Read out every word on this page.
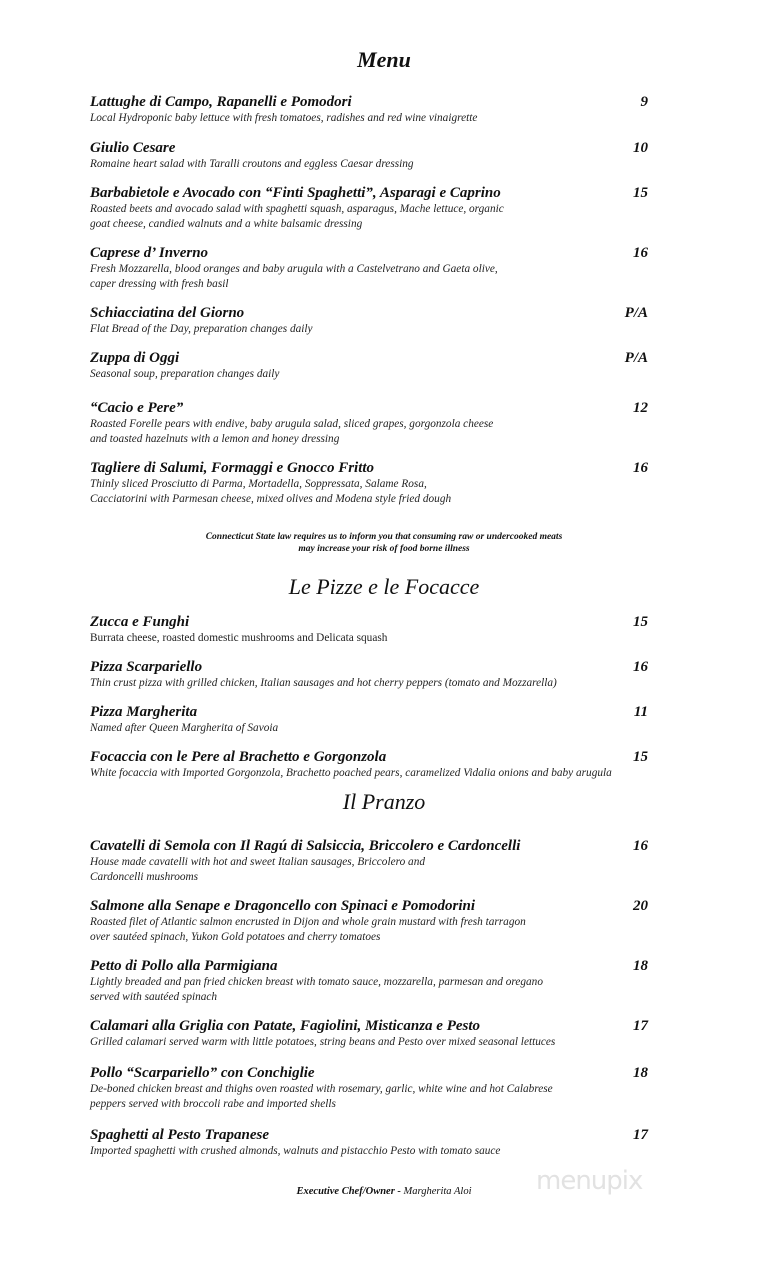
Menu
Le Pizze e le Focacce
Il Pranzo
Connecticut State law requires us to inform you that consuming raw or undercooked meats
may increase your risk of food borne illness
Executive Chef/Owner - Margherita Aloi	menupix
Lattughe di Campo, Rapanelli e Pomodori	9
Local Hydroponic baby lettuce with fresh tomatoes, radishes and red wine vinaigrette
Giulio Cesare	10
Romaine heart salad with Taralli croutons and eggless Caesar dressing
Barbabietole e Avocado con “Finti Spaghetti”, Asparagi e Caprino	15
Roasted beets and avocado salad with spaghetti squash, asparagus, Mache lettuce, organic
goat cheese, candied walnuts and a white balsamic dressing
Caprese d’ Inverno	16
Fresh Mozzarella, blood oranges and baby arugula with a Castelvetrano and Gaeta olive,
caper dressing with fresh basil
Schiacciatina del Giorno	P/A
Flat Bread of the Day, preparation changes daily
Zuppa di Oggi	P/A
Seasonal soup, preparation changes daily
“Cacio e Pere”	12
Roasted Forelle pears with endive, baby arugula salad, sliced grapes, gorgonzola cheese
and toasted hazelnuts with a lemon and honey dressing
Tagliere di Salumi, Formaggi e Gnocco Fritto	16
Thinly sliced Prosciutto di Parma, Mortadella, Soppressata, Salame Rosa,
Cacciatorini with Parmesan cheese, mixed olives and Modena style fried dough
Zucca e Funghi	15
Burrata cheese, roasted domestic mushrooms and Delicata squash
Pizza Scarpariello	16
Thin crust pizza with grilled chicken, Italian sausages and hot cherry peppers (tomato and Mozzarella)
Pizza Margherita	11
Named after Queen Margherita of Savoia
Focaccia con le Pere al Brachetto e Gorgonzola	15
White focaccia with Imported Gorgonzola, Brachetto poached pears, caramelized Vidalia onions and baby arugula
Cavatelli di Semola con Il Ragú di Salsiccia, Briccolero e Cardoncelli	16
House made cavatelli with hot and sweet Italian sausages, Briccolero and
Cardoncelli mushrooms
Salmone alla Senape e Dragoncello con Spinaci e Pomodorini	20
Roasted filet of Atlantic salmon encrusted in Dijon and whole grain mustard with fresh tarragon
over sautéed spinach, Yukon Gold potatoes and cherry tomatoes
Petto di Pollo alla Parmigiana	18
Lightly breaded and pan fried chicken breast with tomato sauce, mozzarella, parmesan and oregano
served with sautéed spinach
Calamari alla Griglia con Patate, Fagiolini, Misticanza e Pesto	17
Grilled calamari served warm with little potatoes, string beans and Pesto over mixed seasonal lettuces
Pollo “Scarpariello” con Conchiglie	18
De-boned chicken breast and thighs oven roasted with rosemary, garlic, white wine and hot Calabrese
peppers served with broccoli rabe and imported shells
Spaghetti al Pesto Trapanese	17
Imported spaghetti with crushed almonds, walnuts and pistacchio Pesto with tomato sauce
